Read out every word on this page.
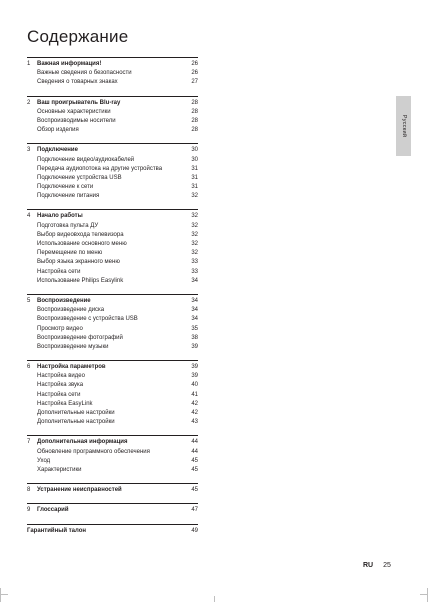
Содержание
1	Важная информация!	26
Важные сведения о безопасности	26
Сведения о товарных знаках	27
2	Ваш проигрыватель Blu-ray	28
Основные характеристики	28
Воспроизводимые носители	28
Обзор изделия	28
3	Подключение	30
Подключение видео/аудиокабелей	30
Передача аудиопотока на другие устройства	31
Подключение устройства USB	31
Подключение к сети	31
Подключение питания	32
4	Начало работы	32
Подготовка пульта ДУ	32
Выбор видеовхода телевизора	32
Использование основного меню	32
Перемещение по меню	32
Выбор языка экранного меню	33
Настройка сети	33
Использование Philips Easylink	34
5	Воспроизведение	34
Воспроизведение диска	34
Воспроизведение с устройства USB	34
Просмотр видео	35
Воспроизведение фотографий	38
Воспроизведение музыки	39
6	Настройка параметров	39
Настройка видео	39
Настройка звука	40
Настройка сети	41
Настройка EasyLink	42
Дополнительные настройки	42
Дополнительные настройки	43
7	Дополнительная информация	44
Обновление программного обеспечения	44
Уход	45
Характеристики	45
8	Устранение неисправностей	45
9	Глоссарий	47
Гарантийный талон	49
Русский
RU 25
